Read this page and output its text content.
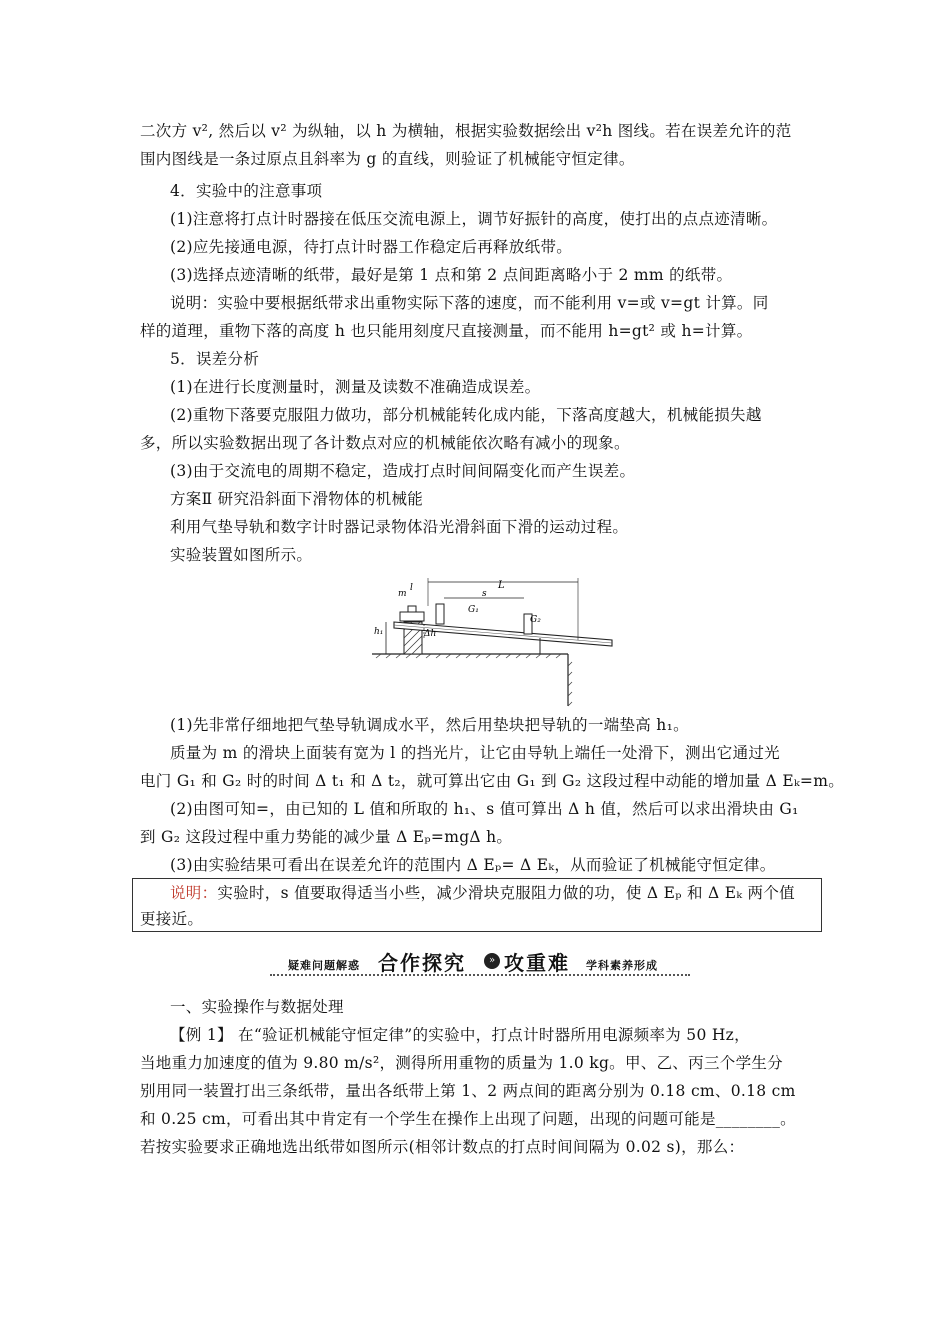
二次方 v², 然后以 v² 为纵轴，以 h 为横轴，根据实验数据绘出 v²h 图线。若在误差允许的范
围内图线是一条过原点且斜率为 g 的直线，则验证了机械能守恒定律。
4．实验中的注意事项
(1)注意将打点计时器接在低压交流电源上，调节好振针的高度，使打出的点点迹清晰。
(2)应先接通电源，待打点计时器工作稳定后再释放纸带。
(3)选择点迹清晰的纸带，最好是第 1 点和第 2 点间距离略小于 2 mm 的纸带。
说明：实验中要根据纸带求出重物实际下落的速度，而不能利用 v=或 v=gt 计算。同
样的道理，重物下落的高度 h 也只能用刻度尺直接测量，而不能用 h=gt² 或 h=计算。
5．误差分析
(1)在进行长度测量时，测量及读数不准确造成误差。
(2)重物下落要克服阻力做功，部分机械能转化成内能，下落高度越大，机械能损失越
多，所以实验数据出现了各计数点对应的机械能依次略有减小的现象。
(3)由于交流电的周期不稳定，造成打点时间间隔变化而产生误差。
方案Ⅱ 研究沿斜面下滑物体的机械能
利用气垫导轨和数字计时器记录物体沿光滑斜面下滑的运动过程。
实验装置如图所示。
m
l	L
s
G₁
G₂
h₁	Δh
(1)先非常仔细地把气垫导轨调成水平，然后用垫块把导轨的一端垫高 h₁。
质量为 m 的滑块上面装有宽为 l 的挡光片，让它由导轨上端任一处滑下，测出它通过光
电门 G₁ 和 G₂ 时的时间 Δ t₁ 和 Δ t₂，就可算出它由 G₁ 到 G₂ 这段过程中动能的增加量 Δ Eₖ=m。
(2)由图可知=，由已知的 L 值和所取的 h₁、s 值可算出 Δ h 值，然后可以求出滑块由 G₁
到 G₂ 这段过程中重力势能的减少量 Δ Eₚ=mgΔ h。
(3)由实验结果可看出在误差允许的范围内 Δ Eₚ= Δ Eₖ，从而验证了机械能守恒定律。
说明：实验时，s 值要取得适当小些，减少滑块克服阻力做的功，使 Δ Eₚ 和 Δ Eₖ 两个值
更接近。
疑难问题解惑 合作探究	» 攻重难 学科素养形成
一、实验操作与数据处理
【例 1】 在“验证机械能守恒定律”的实验中，打点计时器所用电源频率为 50 Hz，
当地重力加速度的值为 9.80 m/s²，测得所用重物的质量为 1.0 kg。甲、乙、丙三个学生分
别用同一装置打出三条纸带，量出各纸带上第 1、2 两点间的距离分别为 0.18 cm、0.18 cm
和 0.25 cm，可看出其中肯定有一个学生在操作上出现了问题，出现的问题可能是________。
若按实验要求正确地选出纸带如图所示(相邻计数点的打点时间间隔为 0.02 s)，那么：
